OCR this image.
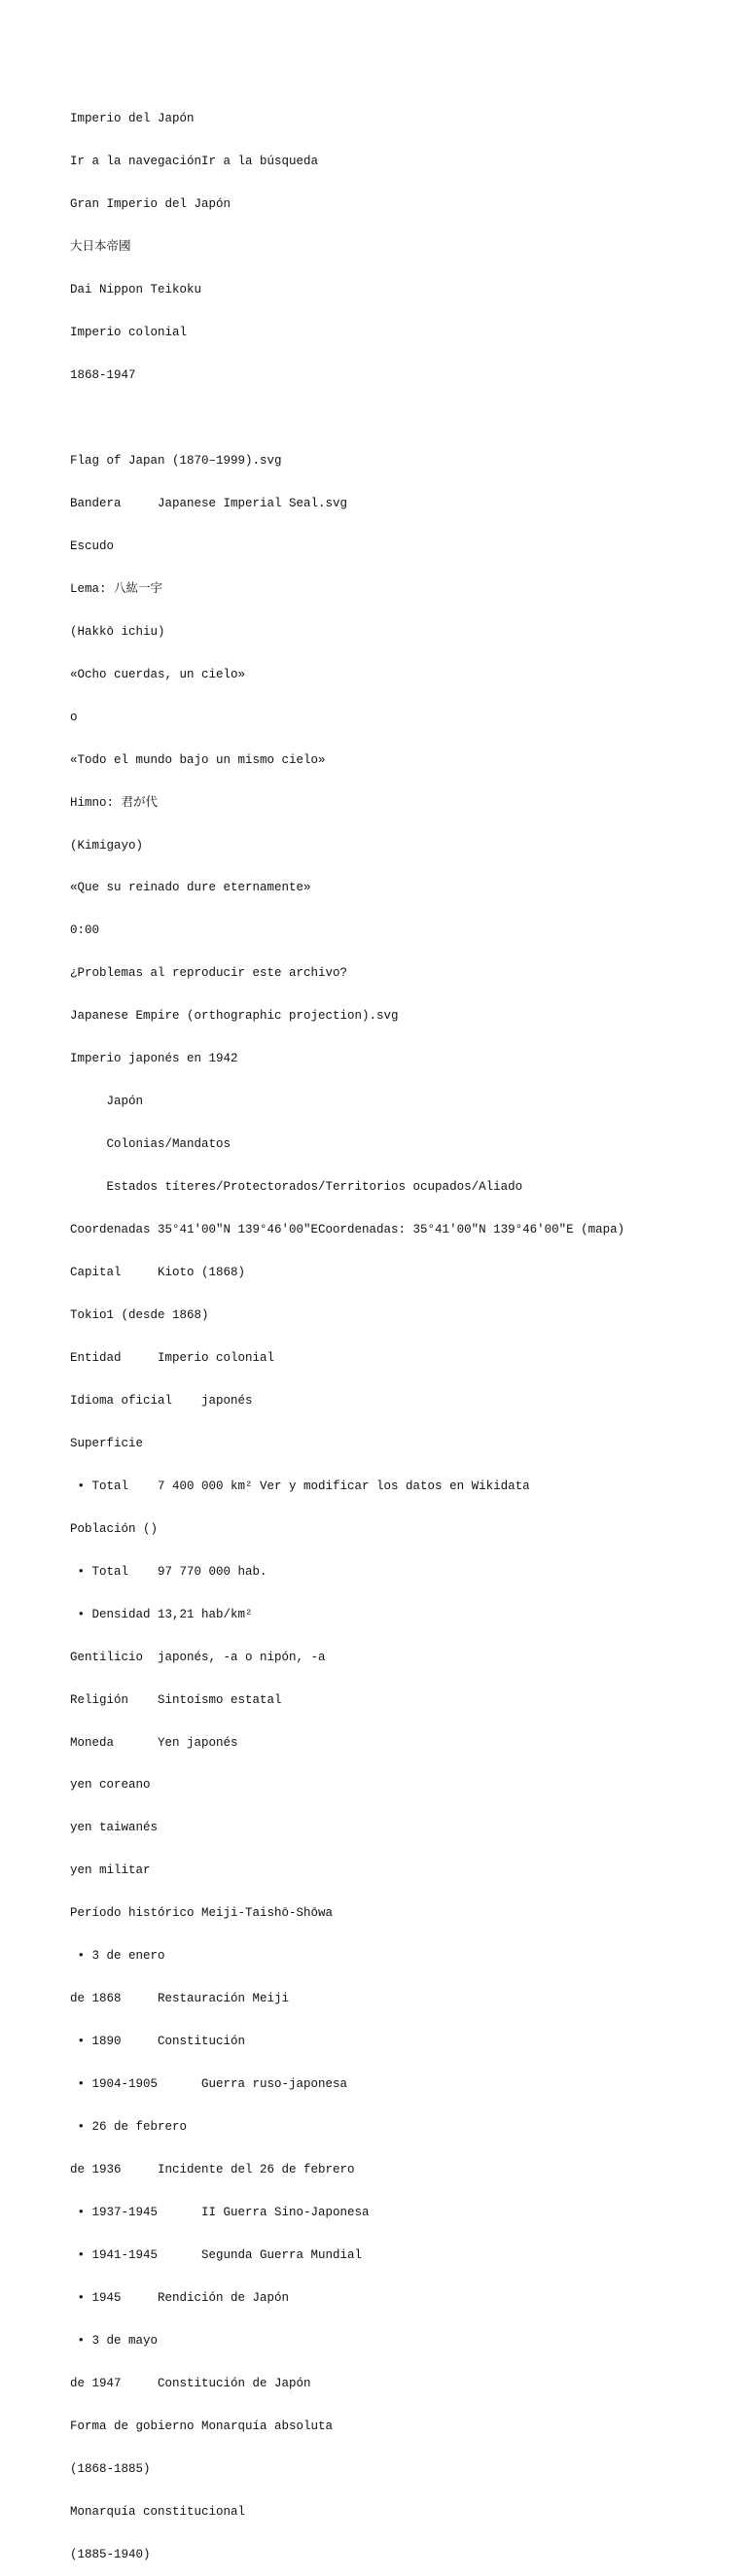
Imperio del Japón

Ir a la navegaciónIr a la búsqueda

Gran Imperio del Japón

大日本帝國

Dai Nippon Teikoku

Imperio colonial

1868-1947

Flag of Japan (1870–1999).svg

Bandera     Japanese Imperial Seal.svg

Escudo

Lema: 八紘一宇

(Hakkō ichiu)

«Ocho cuerdas, un cielo»

o

«Todo el mundo bajo un mismo cielo»

Himno: 君が代

(Kimigayo)

«Que su reinado dure eternamente»

0:00

¿Problemas al reproducir este archivo?

Japanese Empire (orthographic projection).svg

Imperio japonés en 1942

Japón

Colonias/Mandatos

Estados títeres/Protectorados/Territorios ocupados/Aliado

Coordenadas 35°41′00″N 139°46′00″ECoordenadas: 35°41′00″N 139°46′00″E (mapa)

Capital     Kioto (1868)

Tokio1 (desde 1868)

Entidad     Imperio colonial

Idioma oficial    japonés

Superficie

• Total    7 400 000 km² Ver y modificar los datos en Wikidata

Población ()

• Total    97 770 000 hab.

• Densidad 13,21 hab/km²

Gentilicio  japonés, -a o nipón, -a

Religión    Sintoísmo estatal

Moneda      Yen japonés

yen coreano

yen taiwanés

yen militar

Período histórico Meiji-Taishō-Shōwa

• 3 de enero

de 1868     Restauración Meiji

• 1890     Constitución

• 1904-1905      Guerra ruso-japonesa

• 26 de febrero

de 1936     Incidente del 26 de febrero

• 1937-1945      II Guerra Sino-Japonesa

• 1941-1945      Segunda Guerra Mundial

• 1945     Rendición de Japón

• 3 de mayo

de 1947     Constitución de Japón

Forma de gobierno Monarquía absoluta

(1868-1885)

Monarquía constitucional

(1885-1940)
